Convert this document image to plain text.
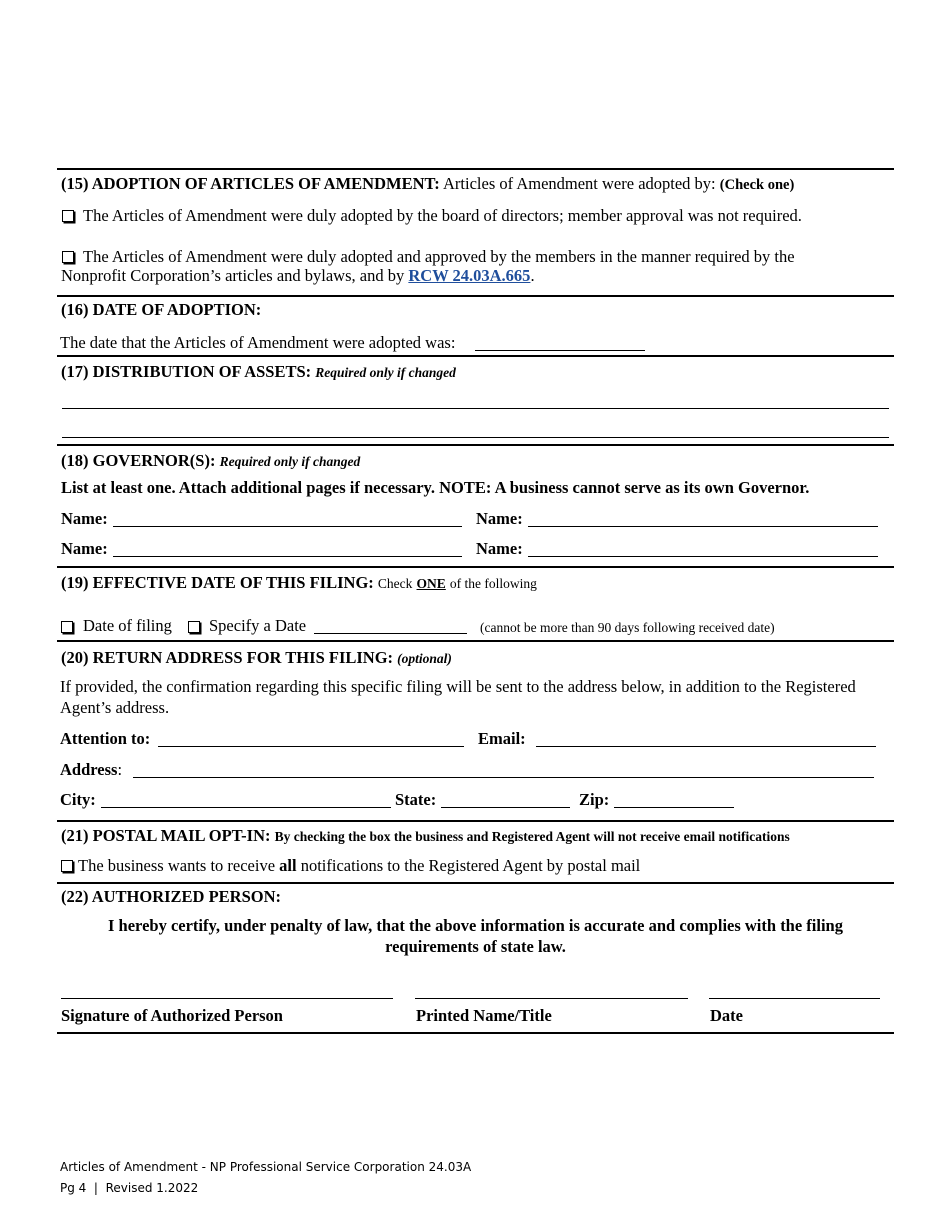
(15) ADOPTION OF ARTICLES OF AMENDMENT: Articles of Amendment were adopted by: (Check one)
The Articles of Amendment were duly adopted by the board of directors; member approval was not required.
The Articles of Amendment were duly adopted and approved by the members in the manner required by the
Nonprofit Corporation’s articles and bylaws, and by RCW 24.03A.665.
(16) DATE OF ADOPTION:
The date that the Articles of Amendment were adopted was:
(17) DISTRIBUTION OF ASSETS: Required only if changed
(18) GOVERNOR(S): Required only if changed
List at least one. Attach additional pages if necessary. NOTE: A business cannot serve as its own Governor.
Name:	Name:
Name:	Name:
(19) EFFECTIVE DATE OF THIS FILING: Check ONE of the following
Date of filing Specify a Date	(cannot be more than 90 days following received date)
(20) RETURN ADDRESS FOR THIS FILING: (optional)
If provided, the confirmation regarding this specific filing will be sent to the address below, in addition to the Registered
Agent’s address.
Attention to:	Email:
Address:
City:	State:	Zip:
(21) POSTAL MAIL OPT-IN: By checking the box the business and Registered Agent will not receive email notifications
The business wants to receive all notifications to the Registered Agent by postal mail
(22) AUTHORIZED PERSON:
I hereby certify, under penalty of law, that the above information is accurate and complies with the filing
requirements of state law.
Signature of Authorized Person	Printed Name/Title	Date
Articles of Amendment - NP Professional Service Corporation 24.03A
Pg 4  |  Revised 1.2022
